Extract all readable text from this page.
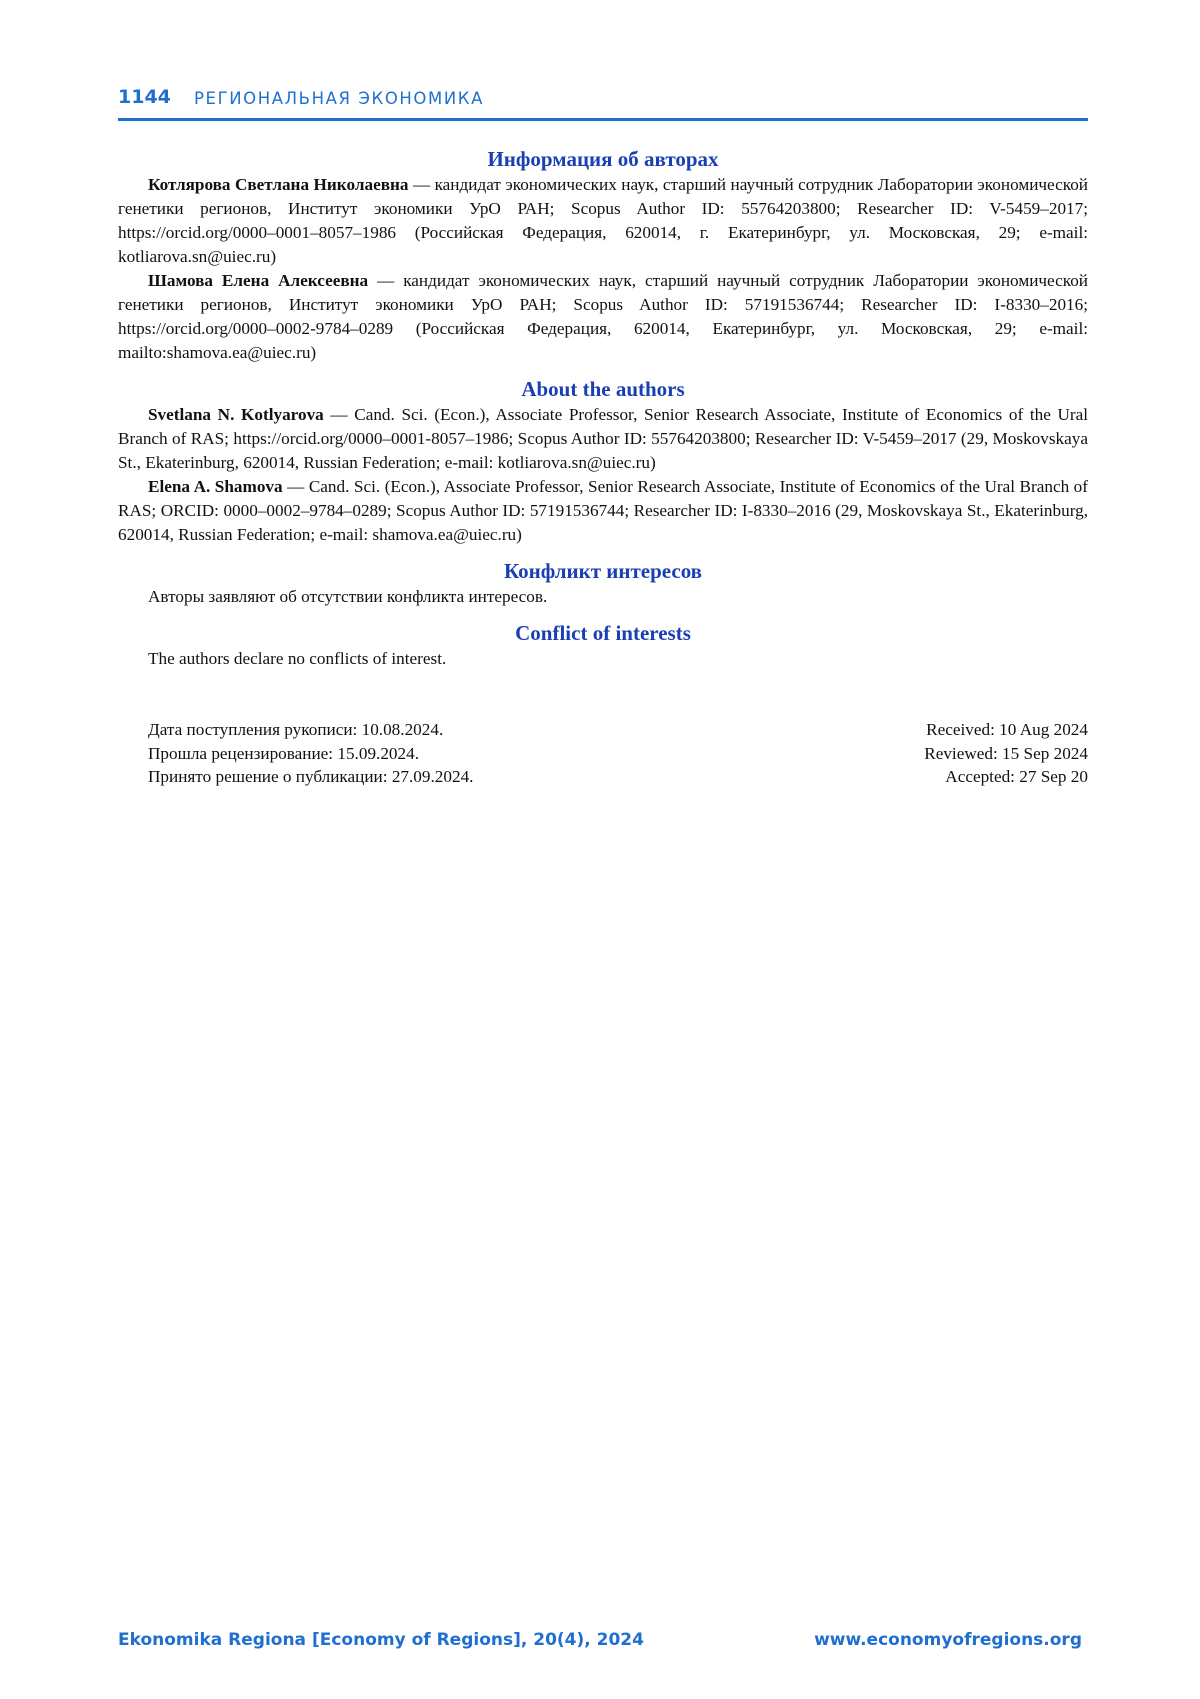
1144 РЕГИОНАЛЬНАЯ ЭКОНОМИКА
Информация об авторах

Котлярова Светлана Николаевна — кандидат экономических наук, старший научный сотрудник Лаборатории экономической генетики регионов, Институт экономики УрО РАН; Scopus Author ID: 55764203800; Researcher ID: V-5459–2017; https://orcid.org/0000–0001–8057–1986 (Российская Федерация, 620014, г. Екатеринбург, ул. Московская, 29; e-mail: kotliarova.sn@uiec.ru)

Шамова Елена Алексеевна — кандидат экономических наук, старший научный сотрудник Лаборатории экономической генетики регионов, Институт экономики УрО РАН; Scopus Author ID: 57191536744; Researcher ID: I-8330–2016; https://orcid.org/0000–0002-9784–0289 (Российская Федерация, 620014, Екатеринбург, ул. Московская, 29; e-mail: mailto:shamova.ea@uiec.ru)

About the authors

Svetlana N. Kotlyarova — Cand. Sci. (Econ.), Associate Professor, Senior Research Associate, Institute of Economics of the Ural Branch of RAS; https://orcid.org/0000–0001-8057–1986; Scopus Author ID: 55764203800; Researcher ID: V-5459–2017 (29, Moskovskaya St., Ekaterinburg, 620014, Russian Federation; e-mail: kotliarova.sn@uiec.ru)

Elena A. Shamova — Cand. Sci. (Econ.), Associate Professor, Senior Research Associate, Institute of Economics of the Ural Branch of RAS; ORCID: 0000–0002–9784–0289; Scopus Author ID: 57191536744; Researcher ID: I-8330–2016 (29, Moskovskaya St., Ekaterinburg, 620014, Russian Federation; e-mail: shamova.ea@uiec.ru)

Конфликт интересов

Авторы заявляют об отсутствии конфликта интересов.

Conflict of interests

The authors declare no conflicts of interest.

Дата поступления рукописи: 10.08.2024.
Прошла рецензирование: 15.09.2024.
Принято решение о публикации: 27.09.2024.
Received: 10 Aug 2024
Reviewed: 15 Sep 2024
Accepted: 27 Sep 20
Ekonomika Regiona [Economy of Regions], 20(4), 2024	www.economyofregions.org
